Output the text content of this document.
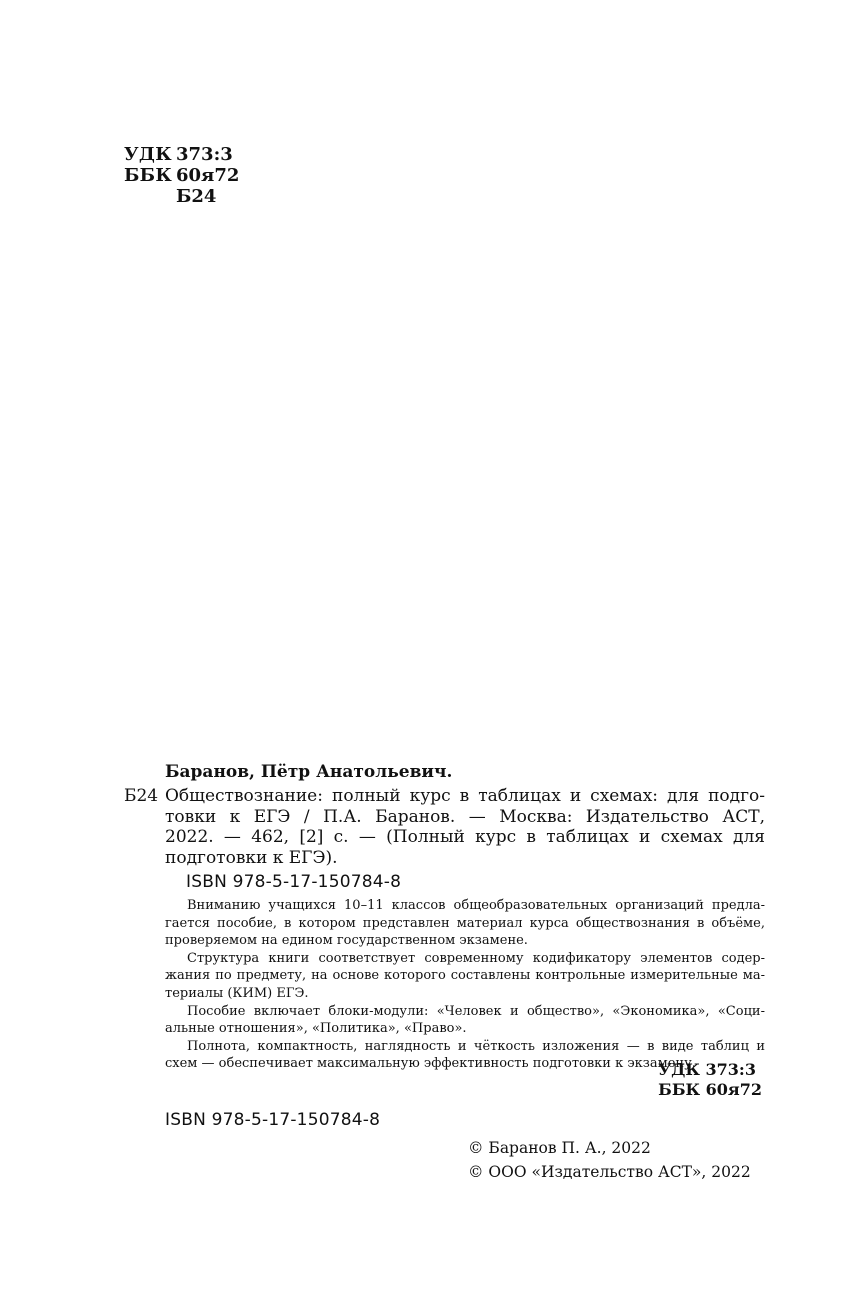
УДК 373:3
ББК 60я72
Б24
Баранов, Пётр Анатольевич.
Б24 Обществознание: полный курс в таблицах и схемах: для подго-
товки к ЕГЭ / П.А. Баранов. — Москва: Издательство АСТ,
2022. — 462, [2] с. — (Полный курс в таблицах и схемах для
подготовки к ЕГЭ).
ISBN 978-5-17-150784-8
Вниманию учащихся 10–11 классов общеобразовательных организаций предла-
гается пособие, в котором представлен материал курса обществознания в объёме,
проверяемом на едином государственном экзамене.
Структура книги соответствует современному кодификатору элементов содер-
жания по предмету, на основе которого составлены контрольные измерительные ма-
териалы (КИМ) ЕГЭ.
Пособие включает блоки-модули: «Человек и общество», «Экономика», «Соци-
альные отношения», «Политика», «Право».
Полнота, компактность, наглядность и чёткость изложения — в виде таблиц и
схем — обеспечивает максимальную эффективность подготовки к экзамену.
УДК 373:3
ББК 60я72
ISBN 978-5-17-150784-8
© Баранов П. А., 2022
© ООО «Издательство АСТ», 2022
